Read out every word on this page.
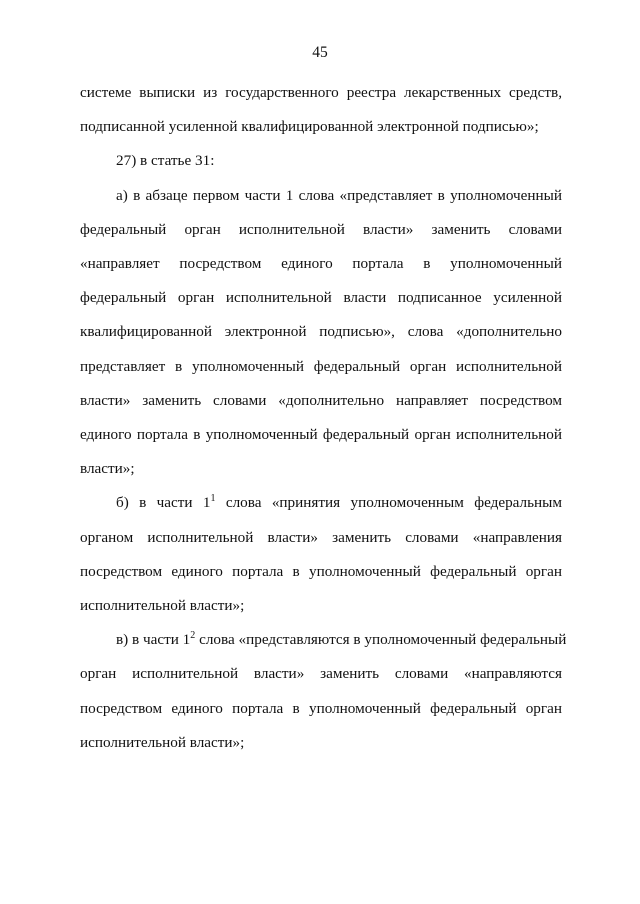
45

системе выписки из государственного реестра лекарственных средств,
подписанной усиленной квалифицированной электронной подписью»;

27) в статье 31:

а) в абзаце первом части 1 слова «представляет в уполномоченный
федеральный орган исполнительной власти» заменить словами
«направляет посредством единого портала в уполномоченный
федеральный орган исполнительной власти подписанное усиленной
квалифицированной электронной подписью», слова «дополнительно
представляет в уполномоченный федеральный орган исполнительной
власти» заменить словами «дополнительно направляет посредством
единого портала в уполномоченный федеральный орган исполнительной
власти»;

б) в части $1^1$ слова «принятия уполномоченным федеральным
органом исполнительной власти» заменить словами «направления
посредством единого портала в уполномоченный федеральный орган
исполнительной власти»;

в) в части $1^2$ слова «представляются в уполномоченный федеральный
орган исполнительной власти» заменить словами «направляются
посредством единого портала в уполномоченный федеральный орган
исполнительной власти»;
